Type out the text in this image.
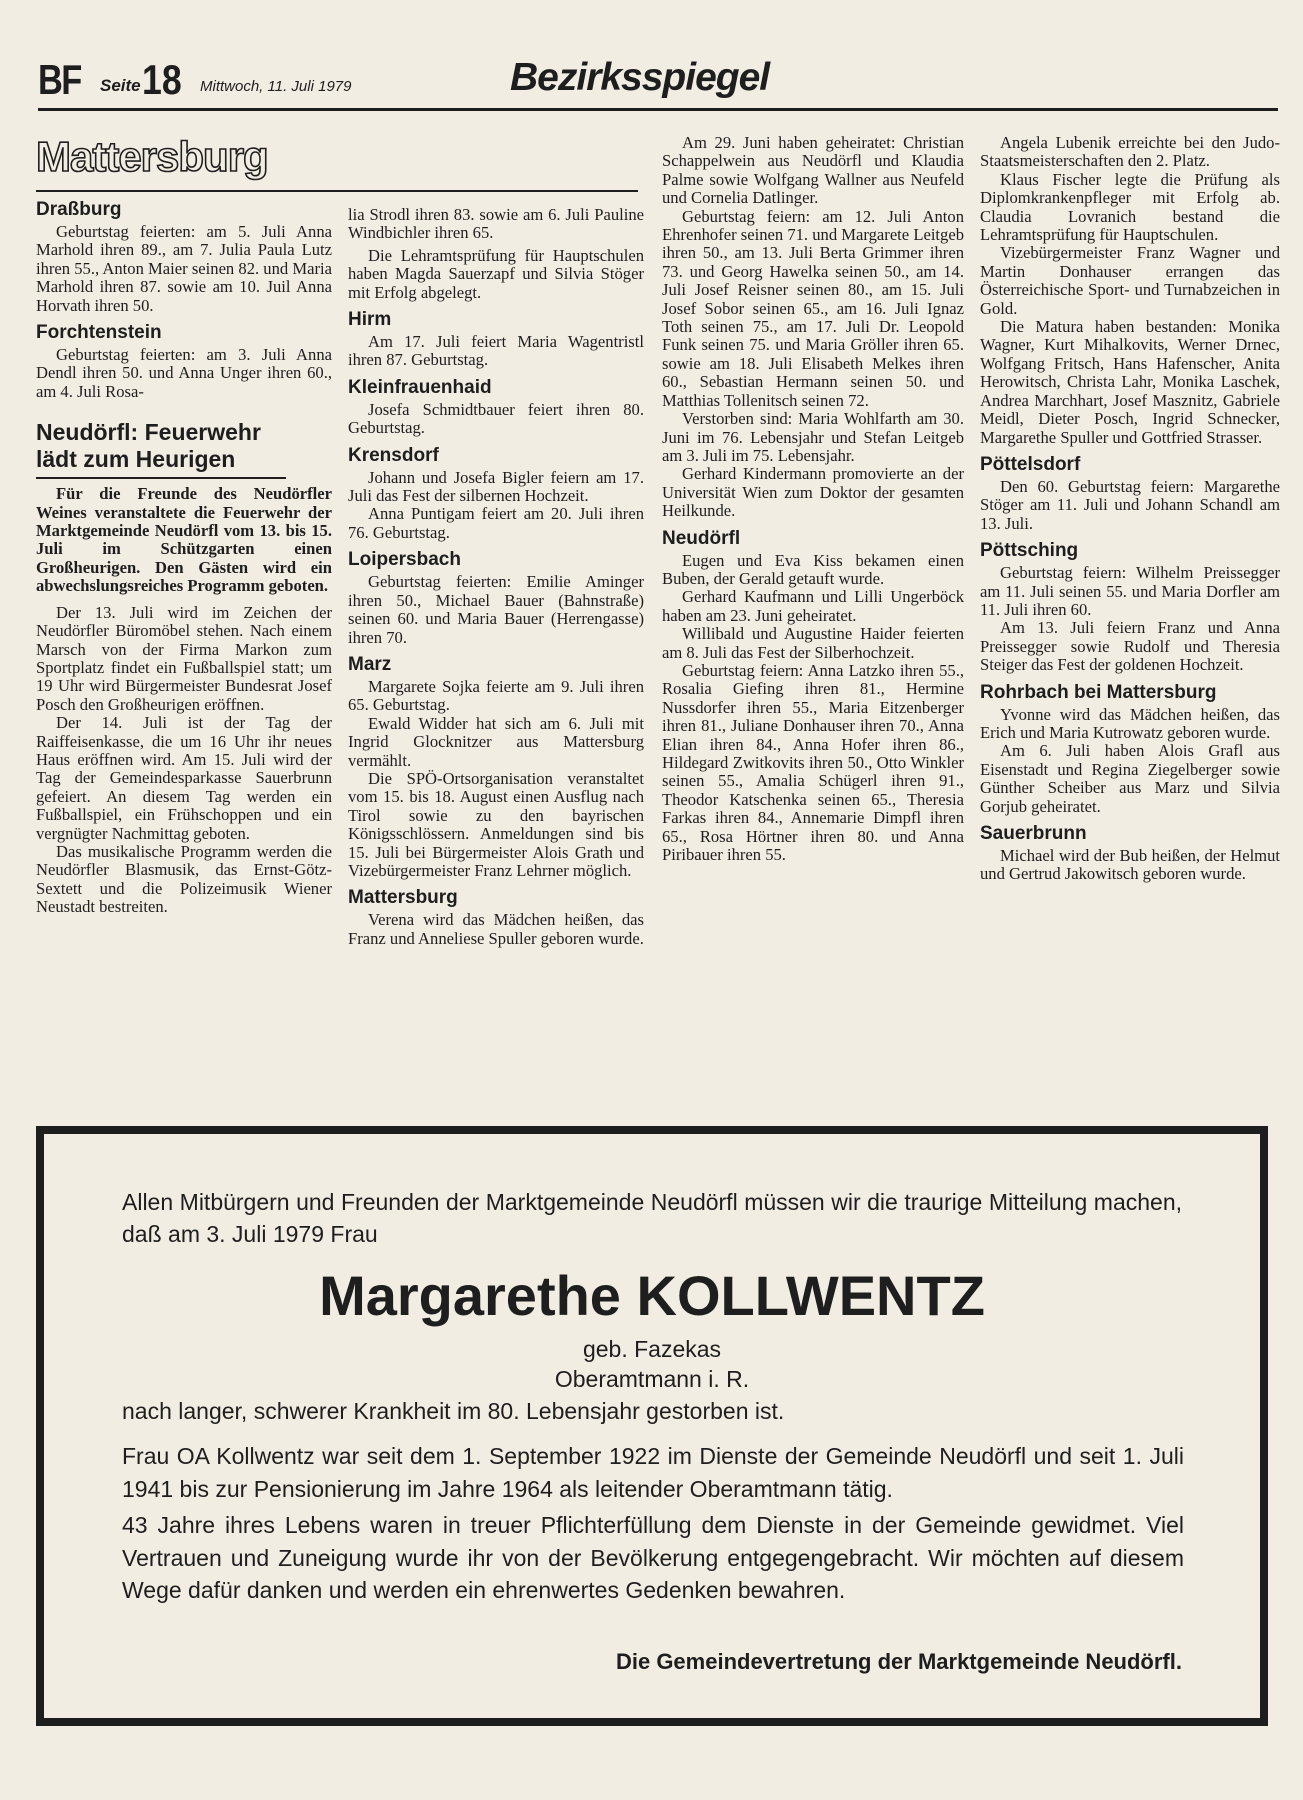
BF Seite 18 Mittwoch, 11. Juli 1979	Bezirksspiegel
Mattersburg
Draßburg

Geburtstag feierten: am 5. Juli Anna Marhold ihren 89., am 7. Julia Paula Lutz ihren 55., Anton Maier seinen 82. und Maria Marhold ihren 87. sowie am 10. Juil Anna Horvath ihren 50.

Forchtenstein

Geburtstag feierten: am 3. Juli Anna Dendl ihren 50. und Anna Unger ihren 60., am 4. Juli Rosa-

Neudörfl: Feuerwehr
lädt zum Heurigen

Für die Freunde des Neudörfler Weines veranstaltete die Feuerwehr der Marktgemeinde Neudörfl vom 13. bis 15. Juli im Schützgarten einen Großheurigen. Den Gästen wird ein abwechslungsreiches Programm geboten.

Der 13. Juli wird im Zeichen der Neudörfler Büromöbel stehen. Nach einem Marsch von der Firma Markon zum Sportplatz findet ein Fußballspiel statt; um 19 Uhr wird Bürgermeister Bundesrat Josef Posch den Großheurigen eröffnen.

Der 14. Juli ist der Tag der Raiffeisenkasse, die um 16 Uhr ihr neues Haus eröffnen wird. Am 15. Juli wird der Tag der Gemeindesparkasse Sauerbrunn gefeiert. An diesem Tag werden ein Fußballspiel, ein Frühschoppen und ein vergnügter Nachmittag geboten.

Das musikalische Programm werden die Neudörfler Blasmusik, das Ernst-Götz-Sextett und die Polizeimusik Wiener Neustadt bestreiten.

lia Strodl ihren 83. sowie am 6. Juli Pauline Windbichler ihren 65.

Die Lehramtsprüfung für Hauptschulen haben Magda Sauerzapf und Silvia Stöger mit Erfolg abgelegt.

Hirm

Am 17. Juli feiert Maria Wagentristl ihren 87. Geburtstag.

Kleinfrauenhaid

Josefa Schmidtbauer feiert ihren 80. Geburtstag.

Krensdorf

Johann und Josefa Bigler feiern am 17. Juli das Fest der silbernen Hochzeit.

Anna Puntigam feiert am 20. Juli ihren 76. Geburtstag.

Loipersbach

Geburtstag feierten: Emilie Aminger ihren 50., Michael Bauer (Bahnstraße) seinen 60. und Maria Bauer (Herrengasse) ihren 70.

Marz

Margarete Sojka feierte am 9. Juli ihren 65. Geburtstag.

Ewald Widder hat sich am 6. Juli mit Ingrid Glocknitzer aus Mattersburg vermählt.

Die SPÖ-Ortsorganisation veranstaltet vom 15. bis 18. August einen Ausflug nach Tirol sowie zu den bayrischen Königsschlössern. Anmeldungen sind bis 15. Juli bei Bürgermeister Alois Grath und Vizebürgermeister Franz Lehrner möglich.

Mattersburg

Verena wird das Mädchen heißen, das Franz und Anneliese Spuller geboren wurde.

Am 29. Juni haben geheiratet: Christian Schappelwein aus Neudörfl und Klaudia Palme sowie Wolfgang Wallner aus Neufeld und Cornelia Datlinger.

Geburtstag feiern: am 12. Juli Anton Ehrenhofer seinen 71. und Margarete Leitgeb ihren 50., am 13. Juli Berta Grimmer ihren 73. und Georg Hawelka seinen 50., am 14. Juli Josef Reisner seinen 80., am 15. Juli Josef Sobor seinen 65., am 16. Juli Ignaz Toth seinen 75., am 17. Juli Dr. Leopold Funk seinen 75. und Maria Gröller ihren 65. sowie am 18. Juli Elisabeth Melkes ihren 60., Sebastian Hermann seinen 50. und Matthias Tollenitsch seinen 72.

Verstorben sind: Maria Wohlfarth am 30. Juni im 76. Lebensjahr und Stefan Leitgeb am 3. Juli im 75. Lebensjahr.

Gerhard Kindermann promovierte an der Universität Wien zum Doktor der gesamten Heilkunde.

Neudörfl

Eugen und Eva Kiss bekamen einen Buben, der Gerald getauft wurde.

Gerhard Kaufmann und Lilli Ungerböck haben am 23. Juni geheiratet.

Willibald und Augustine Haider feierten am 8. Juli das Fest der Silberhochzeit.

Geburtstag feiern: Anna Latzko ihren 55., Rosalia Giefing ihren 81., Hermine Nussdorfer ihren 55., Maria Eitzenberger ihren 81., Juliane Donhauser ihren 70., Anna Elian ihren 84., Anna Hofer ihren 86., Hildegard Zwitkovits ihren 50., Otto Winkler seinen 55., Amalia Schügerl ihren 91., Theodor Katschenka seinen 65., Theresia Farkas ihren 84., Annemarie Dimpfl ihren 65., Rosa Hörtner ihren 80. und Anna Piribauer ihren 55.

Angela Lubenik erreichte bei den Judo-Staatsmeisterschaften den 2. Platz.

Klaus Fischer legte die Prüfung als Diplomkrankenpfleger mit Erfolg ab. Claudia Lovranich bestand die Lehramtsprüfung für Hauptschulen.

Vizebürgermeister Franz Wagner und Martin Donhauser errangen das Österreichische Sport- und Turnabzeichen in Gold.

Die Matura haben bestanden: Monika Wagner, Kurt Mihalkovits, Werner Drnec, Wolfgang Fritsch, Hans Hafenscher, Anita Herowitsch, Christa Lahr, Monika Laschek, Andrea Marchhart, Josef Masznitz, Gabriele Meidl, Dieter Posch, Ingrid Schnecker, Margarethe Spuller und Gottfried Strasser.

Pöttelsdorf

Den 60. Geburtstag feiern: Margarethe Stöger am 11. Juli und Johann Schandl am 13. Juli.

Pöttsching

Geburtstag feiern: Wilhelm Preissegger am 11. Juli seinen 55. und Maria Dorfler am 11. Juli ihren 60.

Am 13. Juli feiern Franz und Anna Preissegger sowie Rudolf und Theresia Steiger das Fest der goldenen Hochzeit.

Rohrbach bei Mattersburg

Yvonne wird das Mädchen heißen, das Erich und Maria Kutrowatz geboren wurde.

Am 6. Juli haben Alois Grafl aus Eisenstadt und Regina Ziegelberger sowie Günther Scheiber aus Marz und Silvia Gorjub geheiratet.

Sauerbrunn

Michael wird der Bub heißen, der Helmut und Gertrud Jakowitsch geboren wurde.

Allen Mitbürgern und Freunden der Marktgemeinde Neudörfl müssen wir die traurige Mitteilung machen, daß am 3. Juli 1979 Frau
Margarethe KOLLWENTZ
geb. Fazekas
Oberamtmann i. R.
nach langer, schwerer Krankheit im 80. Lebensjahr gestorben ist.

Frau OA Kollwentz war seit dem 1. September 1922 im Dienste der Gemeinde Neudörfl und seit 1. Juli 1941 bis zur Pensionierung im Jahre 1964 als leitender Oberamtmann tätig.

43 Jahre ihres Lebens waren in treuer Pflichterfüllung dem Dienste in der Gemeinde gewidmet. Viel Vertrauen und Zuneigung wurde ihr von der Bevölkerung entgegengebracht. Wir möchten auf diesem Wege dafür danken und werden ein ehrenwertes Gedenken bewahren.

Die Gemeindevertretung der Marktgemeinde Neudörfl.
